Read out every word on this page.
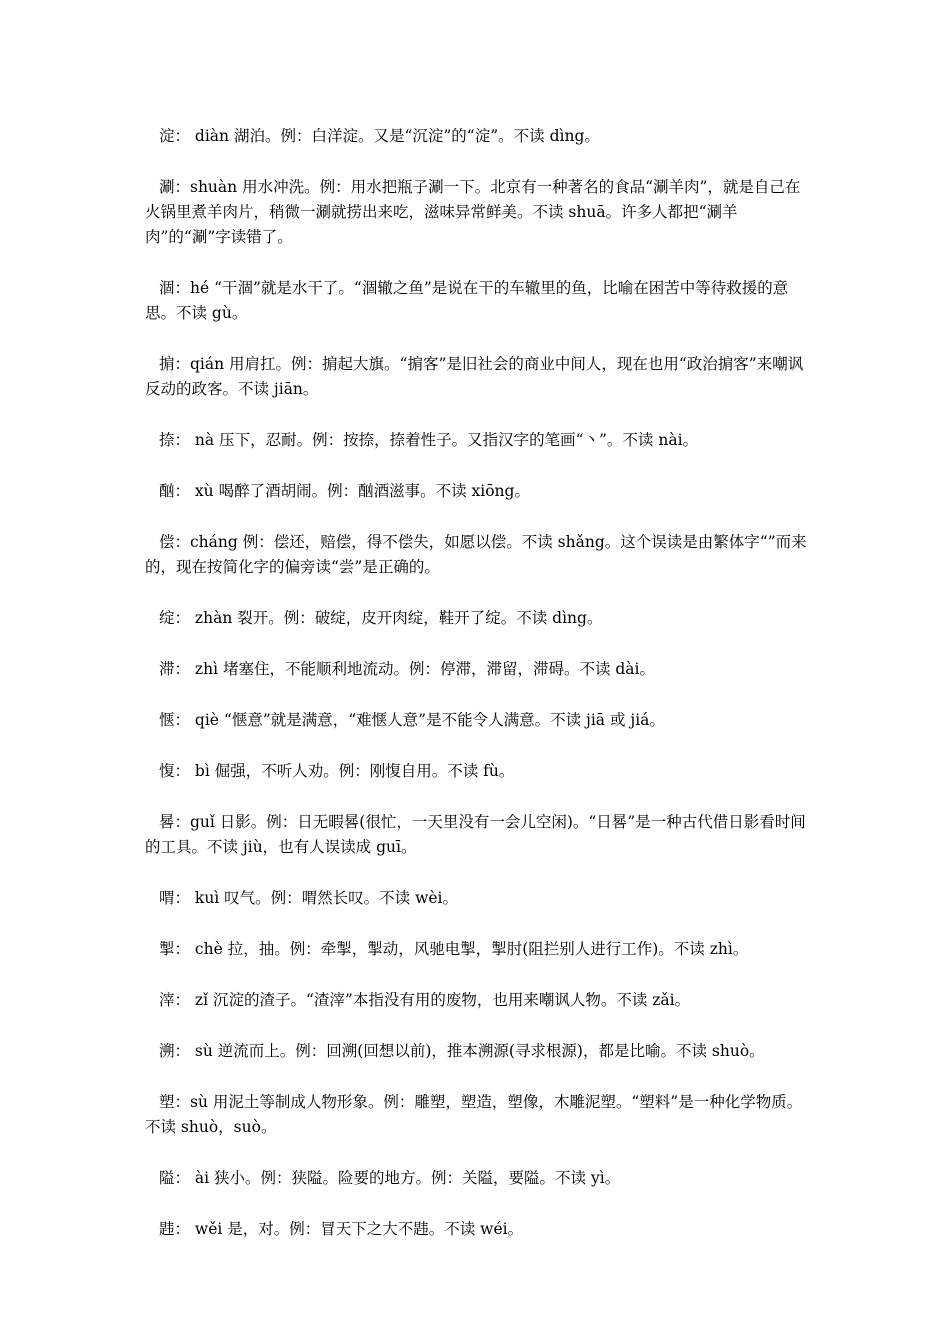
淀： diàn 湖泊。例：白洋淀。又是“沉淀”的“淀”。不读 dìng。

涮：shuàn 用水冲洗。例：用水把瓶子涮一下。北京有一种著名的食品“涮羊肉”，就是自己在火锅里煮羊肉片，稍微一涮就捞出来吃，滋味异常鲜美。不读 shuā。许多人都把“涮羊肉”的“涮”字读错了。

涸：hé “干涸”就是水干了。“涸辙之鱼”是说在干的车辙里的鱼，比喻在困苦中等待救援的意思。不读 gù。

掮：qián 用肩扛。例：掮起大旗。“掮客”是旧社会的商业中间人，现在也用“政治掮客”来嘲讽反动的政客。不读 jiān。

捺： nà 压下，忍耐。例：按捺，捺着性子。又指汉字的笔画“丶”。不读 nài。

酗： xù 喝醉了酒胡闹。例：酗酒滋事。不读 xiōng。

偿：cháng 例：偿还，赔偿，得不偿失，如愿以偿。不读 shǎng。这个误读是由繁体字“”而来的，现在按简化字的偏旁读“尝”是正确的。

绽： zhàn 裂开。例：破绽，皮开肉绽，鞋开了绽。不读 dìng。

滞： zhì 堵塞住，不能顺利地流动。例：停滞，滞留，滞碍。不读 dài。

惬： qiè “惬意”就是满意，“难惬人意”是不能令人满意。不读 jiā 或 jiá。

愎： bì 倔强，不听人劝。例：刚愎自用。不读 fù。

晷：guǐ 日影。例：日无暇晷(很忙，一天里没有一会儿空闲)。“日晷”是一种古代借日影看时间的工具。不读 jiù，也有人误读成 guī。

喟： kuì 叹气。例：喟然长叹。不读 wèi。

掣： chè 拉，抽。例：牵掣，掣动，风驰电掣，掣肘(阻拦别人进行工作)。不读 zhì。

滓： zǐ 沉淀的渣子。“渣滓”本指没有用的废物，也用来嘲讽人物。不读 zǎi。

溯： sù 逆流而上。例：回溯(回想以前)，推本溯源(寻求根源)，都是比喻。不读 shuò。

塑：sù 用泥土等制成人物形象。例：雕塑，塑造，塑像，木雕泥塑。“塑料”是一种化学物质。不读 shuò，suò。

隘： ài 狭小。例：狭隘。险要的地方。例：关隘，要隘。不读 yì。

韪： wěi 是，对。例：冒天下之大不韪。不读 wéi。
